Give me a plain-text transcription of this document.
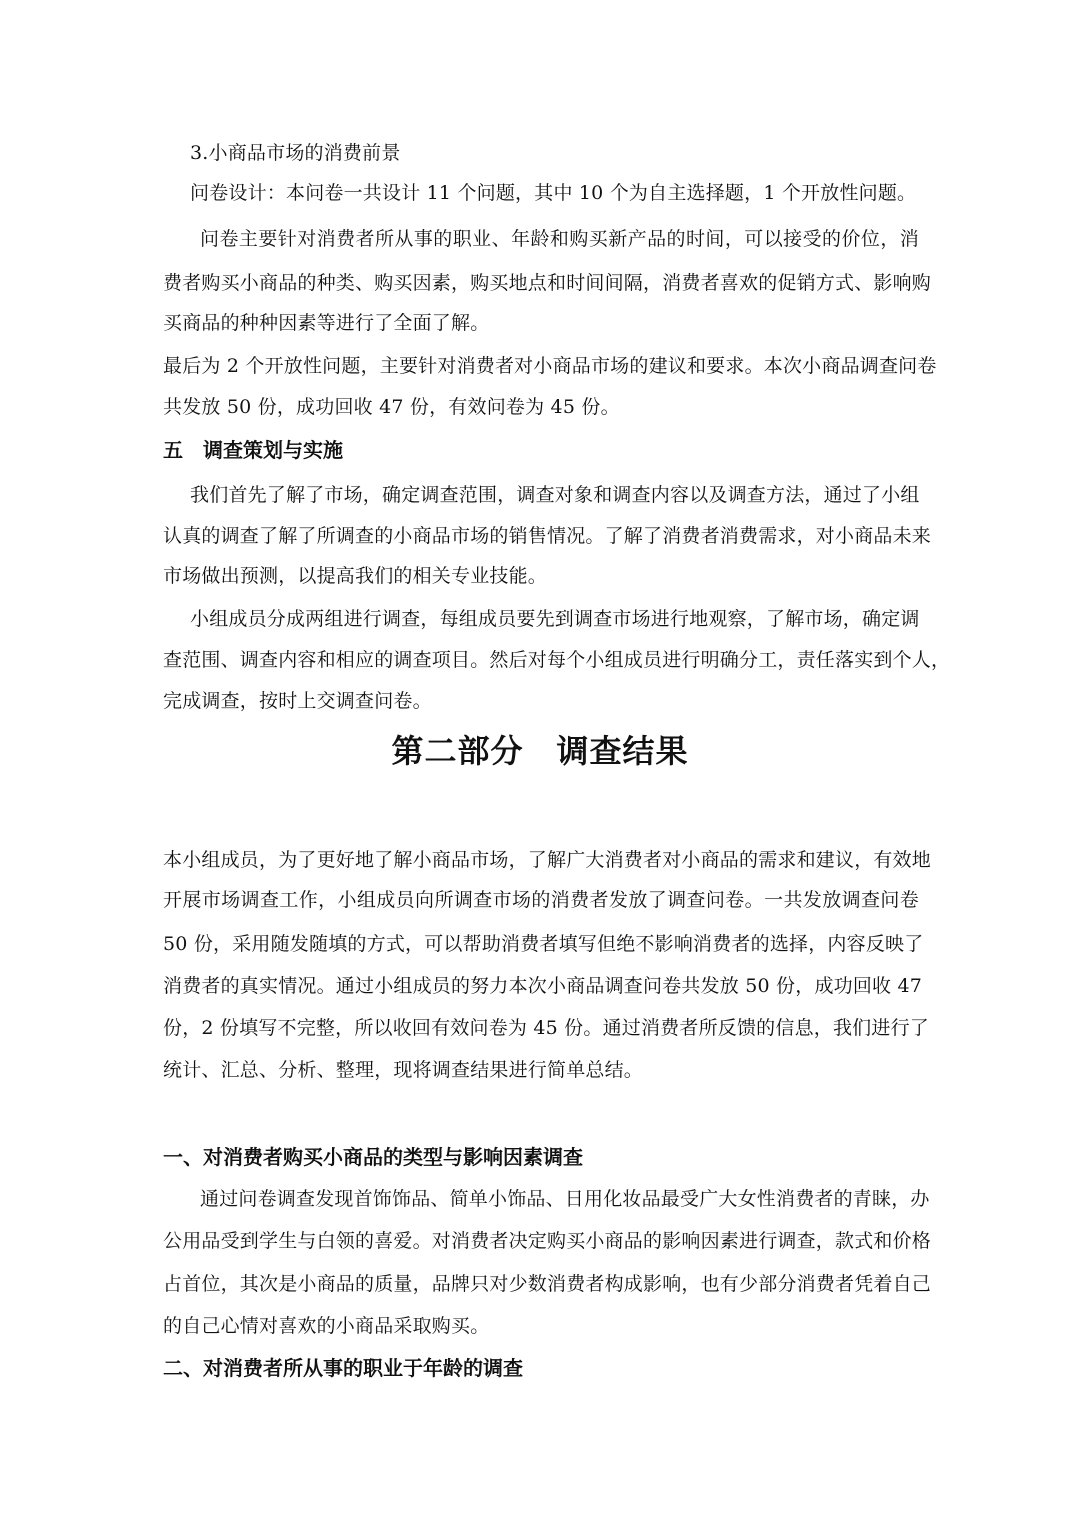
3.小商品市场的消费前景
问卷设计：本问卷一共设计 11 个问题，其中 10 个为自主选择题，1 个开放性问题。
问卷主要针对消费者所从事的职业、年龄和购买新产品的时间，可以接受的价位，消
费者购买小商品的种类、购买因素，购买地点和时间间隔，消费者喜欢的促销方式、影响购
买商品的种种因素等进行了全面了解。
最后为 2 个开放性问题，主要针对消费者对小商品市场的建议和要求。本次小商品调查问卷
共发放 50 份，成功回收 47 份，有效问卷为 45 份。
五　调查策划与实施
我们首先了解了市场，确定调查范围，调查对象和调查内容以及调查方法，通过了小组
认真的调查了解了所调查的小商品市场的销售情况。了解了消费者消费需求，对小商品未来
市场做出预测，以提高我们的相关专业技能。
小组成员分成两组进行调查，每组成员要先到调查市场进行地观察，了解市场，确定调
查范围、调查内容和相应的调查项目。然后对每个小组成员进行明确分工，责任落实到个人，
完成调查，按时上交调查问卷。
第二部分　调查结果
本小组成员，为了更好地了解小商品市场，了解广大消费者对小商品的需求和建议，有效地
开展市场调查工作，小组成员向所调查市场的消费者发放了调查问卷。一共发放调查问卷
50 份，采用随发随填的方式，可以帮助消费者填写但绝不影响消费者的选择，内容反映了
消费者的真实情况。通过小组成员的努力本次小商品调查问卷共发放 50 份，成功回收 47
份，2 份填写不完整，所以收回有效问卷为 45 份。通过消费者所反馈的信息，我们进行了
统计、汇总、分析、整理，现将调查结果进行简单总结。
一、对消费者购买小商品的类型与影响因素调查
通过问卷调查发现首饰饰品、简单小饰品、日用化妆品最受广大女性消费者的青睐，办
公用品受到学生与白领的喜爱。对消费者决定购买小商品的影响因素进行调查，款式和价格
占首位，其次是小商品的质量，品牌只对少数消费者构成影响，也有少部分消费者凭着自己
的自己心情对喜欢的小商品采取购买。
二、对消费者所从事的职业于年龄的调查
